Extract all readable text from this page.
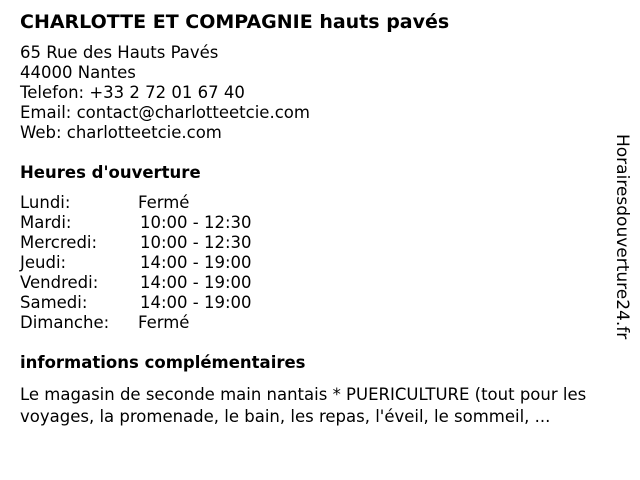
CHARLOTTE ET COMPAGNIE hauts pavés
65 Rue des Hauts Pavés
44000 Nantes
Telefon: +33 2 72 01 67 40
Email: contact@charlotteetcie.com
Web: charlotteetcie.com
Heures d'ouverture
Lundi:	Fermé
Mardi:	10:00 - 12:30
Mercredi:	10:00 - 12:30
Jeudi:	14:00 - 19:00
Vendredi:	14:00 - 19:00
Samedi:	14:00 - 19:00
Dimanche: Fermé
informations complémentaires
Le magasin de seconde main nantais * PUERICULTURE (tout pour les
voyages, la promenade, le bain, les repas, l'éveil, le sommeil, ...
Horairesdouverture24.fr
